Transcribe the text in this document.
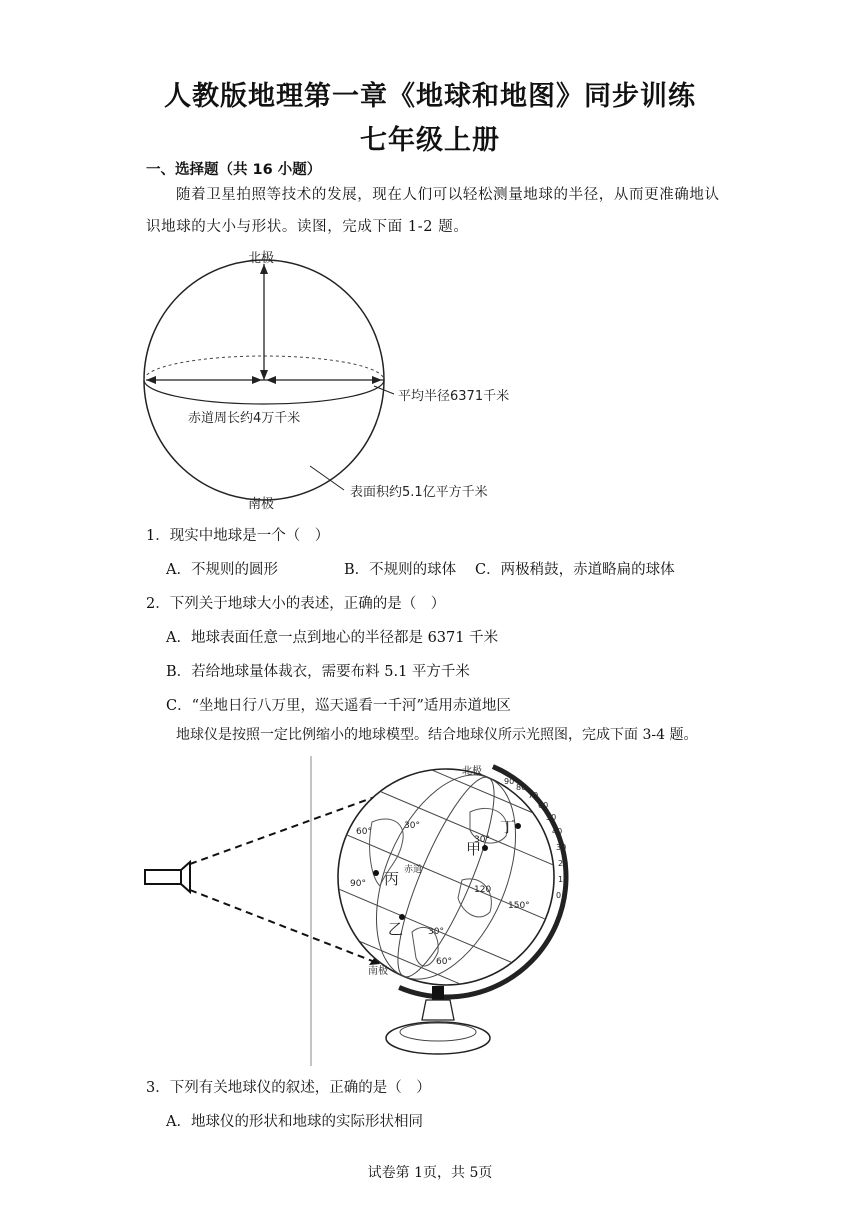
人教版地理第一章《地球和地图》同步训练
七年级上册
一、选择题（共 16 小题）
随着卫星拍照等技术的发展，现在人们可以轻松测量地球的半径，从而更准确地认
识地球的大小与形状。读图，完成下面 1-2 题。
北极
南极
平均半径6371千米
赤道周长约4万千米
表面积约5.1亿平方千米
1．现实中地球是一个（　）
A．不规则的圆形	B．不规则的球体 C．两极稍鼓，赤道略扁的球体
2．下列关于地球大小的表述，正确的是（　）
A．地球表面任意一点到地心的半径都是 6371 千米
B．若给地球量体裁衣，需要布料 5.1 平方千米
C．“坐地日行八万里，巡天遥看一千河”适用赤道地区
地球仪是按照一定比例缩小的地球模型。结合地球仪所示光照图，完成下面 3-4 题。
甲
乙
丙
丁
赤道
60°
30°
90°
30°
120
150°
30°
60°
90
80
70
60
50
40
30
20
10
0
北极
南极
3．下列有关地球仪的叙述，正确的是（　）
A．地球仪的形状和地球的实际形状相同
试卷第 1页，共 5页
